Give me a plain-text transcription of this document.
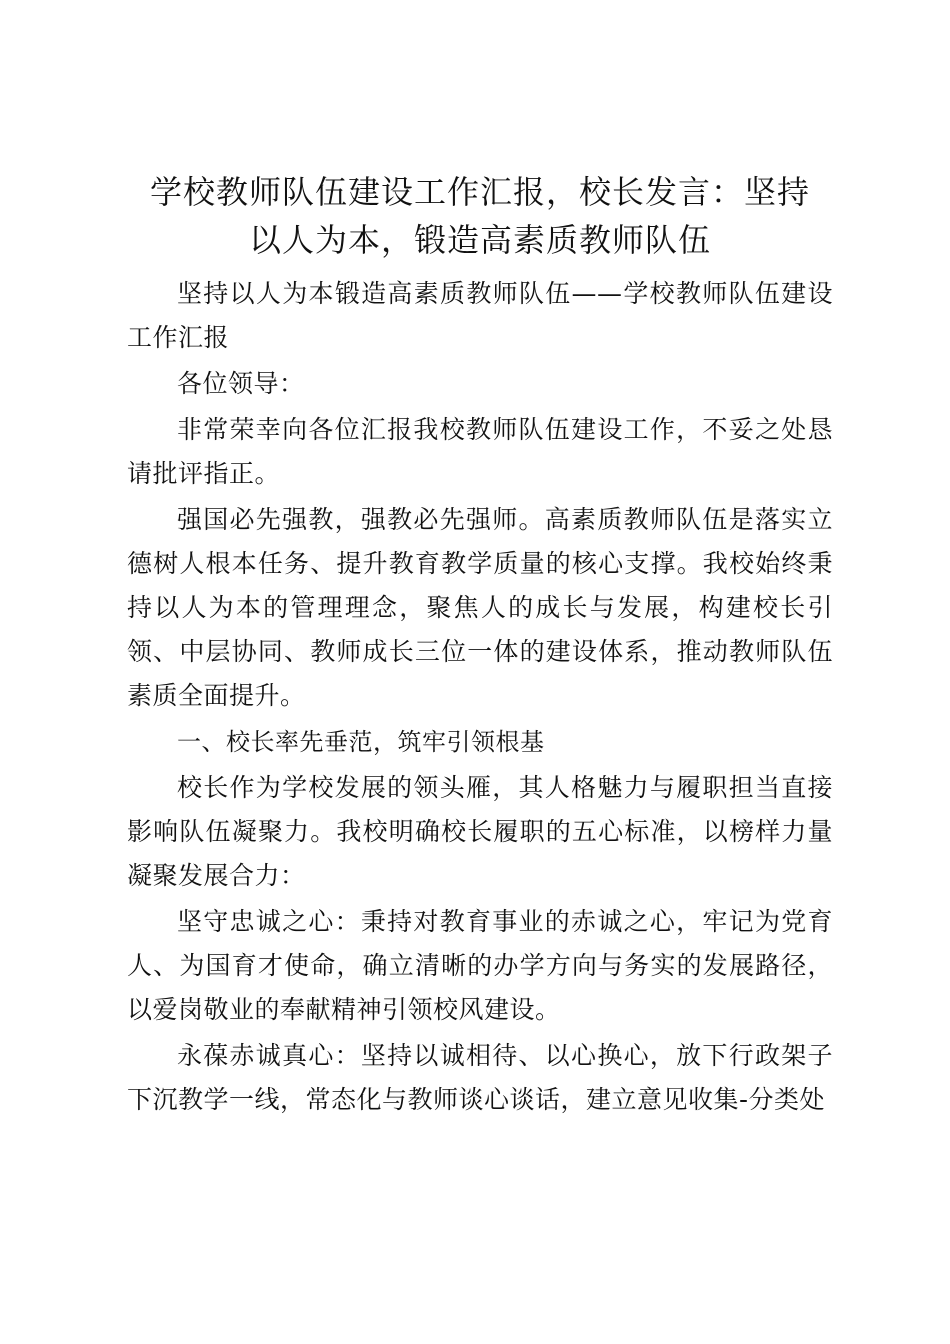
学校教师队伍建设工作汇报，校长发言：坚持
以人为本，锻造高素质教师队伍

坚持以人为本锻造高素质教师队伍——学校教师队伍建设工作汇报

各位领导：

非常荣幸向各位汇报我校教师队伍建设工作，不妥之处恳请批评指正。

强国必先强教，强教必先强师。高素质教师队伍是落实立德树人根本任务、提升教育教学质量的核心支撑。我校始终秉持以人为本的管理理念，聚焦人的成长与发展，构建校长引领、中层协同、教师成长三位一体的建设体系，推动教师队伍素质全面提升。

一、校长率先垂范，筑牢引领根基

校长作为学校发展的领头雁，其人格魅力与履职担当直接影响队伍凝聚力。我校明确校长履职的五心标准，以榜样力量凝聚发展合力：

坚守忠诚之心：秉持对教育事业的赤诚之心，牢记为党育人、为国育才使命，确立清晰的办学方向与务实的发展路径，以爱岗敬业的奉献精神引领校风建设。

永葆赤诚真心：坚持以诚相待、以心换心，放下行政架子下沉教学一线，常态化与教师谈心谈话，建立意见收集-分类处
